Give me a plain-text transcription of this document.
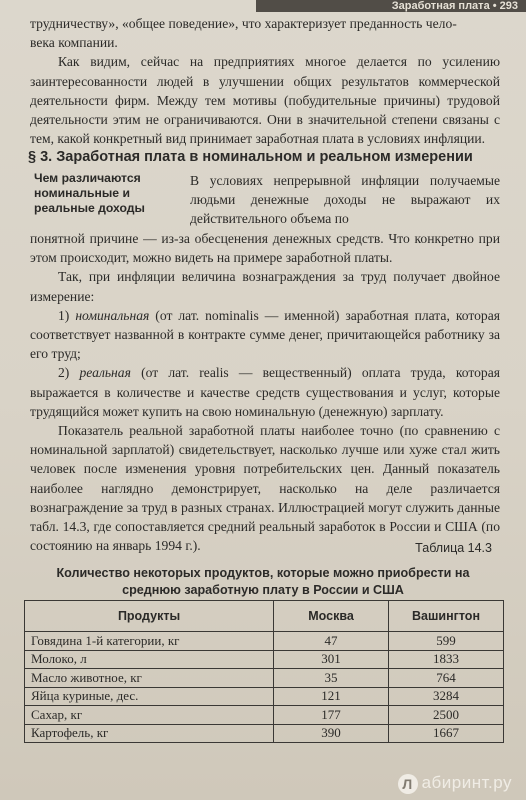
Заработная плата • 293

трудничеству», «общее поведение», что характеризует преданность чело-

века компании.

Как видим, сейчас на предприятиях многое делается по усилению заинтересованности людей в улучшении общих результатов коммерческой деятельности фирм. Между тем мотивы (побудительные причины) трудовой деятельности этим не ограничиваются. Они в значительной степени связаны с тем, какой конкретный вид принимает заработная плата в условиях инфляции.

§ 3. Заработная плата в номинальном и реальном измерении
Чем различаются номинальные и реальные доходы
В условиях непрерывной инфляции получаемые людьми денежные доходы не выражают их действительного объема по

понятной причине — из-за обесценения денежных средств. Что конкретно при этом происходит, можно видеть на примере заработной платы.

Так, при инфляции величина вознаграждения за труд получает двойное измерение:

1) номинальная (от лат. nominalis — именной) заработная плата, которая соответствует названной в контракте сумме денег, причитающейся работнику за его труд;

2) реальная (от лат. realis — вещественный) оплата труда, которая выражается в количестве и качестве средств существования и услуг, которые трудящийся может купить на свою номинальную (денежную) зарплату.

Показатель реальной заработной платы наиболее точно (по сравнению с номинальной зарплатой) свидетельствует, насколько лучше или хуже стал жить человек после изменения уровня потребительских цен. Данный показатель наиболее наглядно демонстрирует, насколько на деле различается вознаграждение за труд в разных странах. Иллюстрацией могут служить данные табл. 14.3, где сопоставляется средний реальный заработок в России и США (по состоянию на январь 1994 г.).	Таблица 14.3
Количество некоторых продуктов, которые можно приобрести на среднюю заработную плату в России и США
Продукты	Москва	Вашингтон
Говядина 1-й категории, кг	47	599
Молоко, л	301	1833
Масло животное, кг	35	764
Яйца куриные, дес.	121	3284
Сахар, кг	177	2500
Картофель, кг	390	1667
Л абиринт.ру
